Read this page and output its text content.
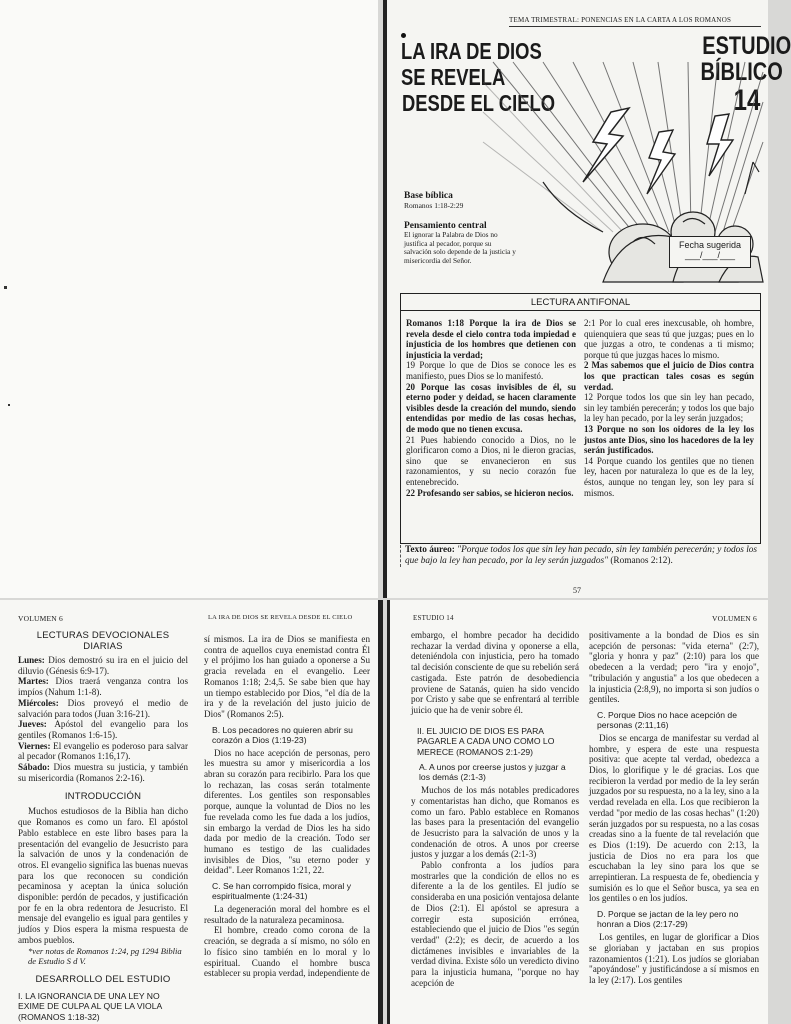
TEMA TRIMESTRAL: PONENCIAS EN LA CARTA A LOS ROMANOS
LA IRA DE DIOS SE REVELA
DESDE EL CIELO
ESTUDIO BÍBLICO 14
Base bíblica
Romanos 1:18-2:29
Pensamiento central
El ignorar la Palabra de Dios no justifica al pecador, porque su salvación solo depende de la justicia y misericordia del Señor.
Fecha sugerida
___/___/___
LECTURA ANTIFONAL
Romanos 1:18 Porque la ira de Dios se revela desde el cielo contra toda impiedad e injusticia de los hombres que detienen con injusticia la verdad;
19 Porque lo que de Dios se conoce les es manifiesto, pues Dios se lo manifestó.
20 Porque las cosas invisibles de él, su eterno poder y deidad, se hacen claramente visibles desde la creación del mundo, siendo entendidas por medio de las cosas hechas, de modo que no tienen excusa.
21 Pues habiendo conocido a Dios, no le glorificaron como a Dios, ni le dieron gracias, sino que se envanecieron en sus razonamientos, y su necio corazón fue entenebrecido.
22 Profesando ser sabios, se hicieron necios.
2:1 Por lo cual eres inexcusable, oh hombre, quienquiera que seas tú que juzgas; pues en lo que juzgas a otro, te condenas a ti mismo; porque tú que juzgas haces lo mismo.
2 Mas sabemos que el juicio de Dios contra los que practican tales cosas es según verdad.
12 Porque todos los que sin ley han pecado, sin ley también perecerán; y todos los que bajo la ley han pecado, por la ley serán juzgados;
13 Porque no son los oidores de la ley los justos ante Dios, sino los hacedores de la ley serán justificados.
14 Porque cuando los gentiles que no tienen ley, hacen por naturaleza lo que es de la ley, éstos, aunque no tengan ley, son ley para sí mismos.
Texto áureo: "Porque todos los que sin ley han pecado, sin ley también perecerán; y todos los que bajo la ley han pecado, por la ley serán juzgados" (Romanos 2:12).
57
VOLUMEN 6	LA IRA DE DIOS SE REVELA DESDE EL CIELO
LECTURAS DEVOCIONALES DIARIAS

Lunes: Dios demostró su ira en el juicio del diluvio (Génesis 6:9-17).

Martes: Dios traerá venganza contra los impíos (Nahum 1:1-8).

Miércoles: Dios proveyó el medio de salvación para todos (Juan 3:16-21).

Jueves: Apóstol del evangelio para los gentiles (Romanos 1:6-15).

Viernes: El evangelio es poderoso para salvar al pecador (Romanos 1:16,17).

Sábado: Dios muestra su justicia, y también su misericordia (Romanos 2:2-16).

INTRODUCCIÓN

Muchos estudiosos de la Biblia han dicho que Romanos es como un faro. El apóstol Pablo establece en este libro bases para la presentación del evangelio de Jesucristo para la salvación de unos y la condenación de otros. El evangelio significa las buenas nuevas para los que reconocen su condición pecaminosa y aceptan la única solución disponible: perdón de pecados, y justificación por fe en la obra redentora de Jesucristo. El mensaje del evangelio es igual para gentiles y judíos y Dios espera la misma respuesta de ambos pueblos.

*ver notas de Romanos 1:24, pg 1294 Biblia de Estudio S d V.
DESARROLLO DEL ESTUDIO
I. LA IGNORANCIA DE UNA LEY NO EXIME DE CULPA AL QUE LA VIOLA (ROMANOS 1:18-32)

sí mismos. La ira de Dios se manifiesta en contra de aquellos cuya enemistad contra Él y el prójimo los han guiado a oponerse a Su gracia revelada en el evangelio. Leer Romanos 1:18; 2:4,5. Se sabe bien que hay un tiempo establecido por Dios, "el día de la ira y de la revelación del justo juicio de Dios" (Romanos 2:5).

B. Los pecadores no quieren abrir su corazón a Dios (1:19-23)

Dios no hace acepción de personas, pero les muestra su amor y misericordia a los abran su corazón para recibirlo. Para los que lo rechazan, las cosas serán totalmente diferentes. Los gentiles son responsables porque, aunque la voluntad de Dios no les fue revelada como les fue dada a los judíos, sin embargo la verdad de Dios les ha sido dada por medio de la creación. Todo ser humano es testigo de las cualidades invisibles de Dios, "su eterno poder y deidad". Leer Romanos 1:21, 22.

C. Se han corrompido física, moral y espiritualmente (1:24-31)

La degeneración moral del hombre es el resultado de la naturaleza pecaminosa.

El hombre, creado como corona de la creación, se degrada a sí mismo, no sólo en lo físico sino también en lo moral y lo espiritual. Cuando el hombre busca establecer su propia verdad, independiente de

ESTUDIO 14	VOLUMEN 6

embargo, el hombre pecador ha decidido rechazar la verdad divina y oponerse a ella, deteniéndola con injusticia, pero ha tomado tal decisión consciente de que su rebelión será castigada. Este patrón de desobediencia proviene de Satanás, quien ha sido vencido por Cristo y sabe que se enfrentará al terrible juicio que ha de venir sobre él.

II. EL JUICIO DE DIOS ES PARA PAGARLE A CADA UNO COMO LO MERECE (ROMANOS 2:1-29)
A. A unos por creerse justos y juzgar a los demás (2:1-3)

Muchos de los más notables predicadores y comentaristas han dicho, que Romanos es como un faro. Pablo establece en Romanos las bases para la presentación del evangelio de Jesucristo para la salvación de unos y la condenación de otros. A unos por creerse justos y juzgar a los demás (2:1-3)

Pablo confronta a los judíos para mostrarles que la condición de ellos no es diferente a la de los gentiles. El judío se consideraba en una posición ventajosa delante de Dios (2:1). El apóstol se apresura a corregir esta suposición errónea, estableciendo que el juicio de Dios "es según verdad" (2:2); es decir, de acuerdo a los dictámenes invisibles e invariables de la verdad divina. Existe sólo un veredicto divino para la injusticia humana, "porque no hay acepción de

positivamente a la bondad de Dios es sin acepción de personas: "vida eterna" (2:7), "gloria y honra y paz" (2:10) para los que obedecen a la verdad; pero "ira y enojo", "tribulación y angustia" a los que obedecen a la injusticia (2:8,9), no importa si son judíos o gentiles.

C. Porque Dios no hace acepción de personas (2:11,16)

Dios se encarga de manifestar su verdad al hombre, y espera de este una respuesta positiva: que acepte tal verdad, obedezca a Dios, lo glorifique y le dé gracias. Los que recibieron la verdad por medio de la ley serán juzgados por su respuesta, no a la ley, sino a la verdad revelada en ella. Los que recibieron la verdad "por medio de las cosas hechas" (1:20) serán juzgados por su respuesta, no a las cosas creadas sino a la fuente de tal revelación que es Dios (1:19). De acuerdo con 2:13, la justicia de Dios no era para los que escuchaban la ley sino para los que se arrepintieran. La respuesta de fe, obediencia y sumisión es lo que el Señor busca, ya sea en los gentiles o en los judíos.

D. Porque se jactan de la ley pero no honran a Dios (2:17-29)

Los gentiles, en lugar de glorificar a Dios se gloriaban y jactaban en sus propios razonamientos (1:21). Los judíos se gloriaban "apoyándose" y justificándose a sí mismos en la ley (2:17). Los gentiles
